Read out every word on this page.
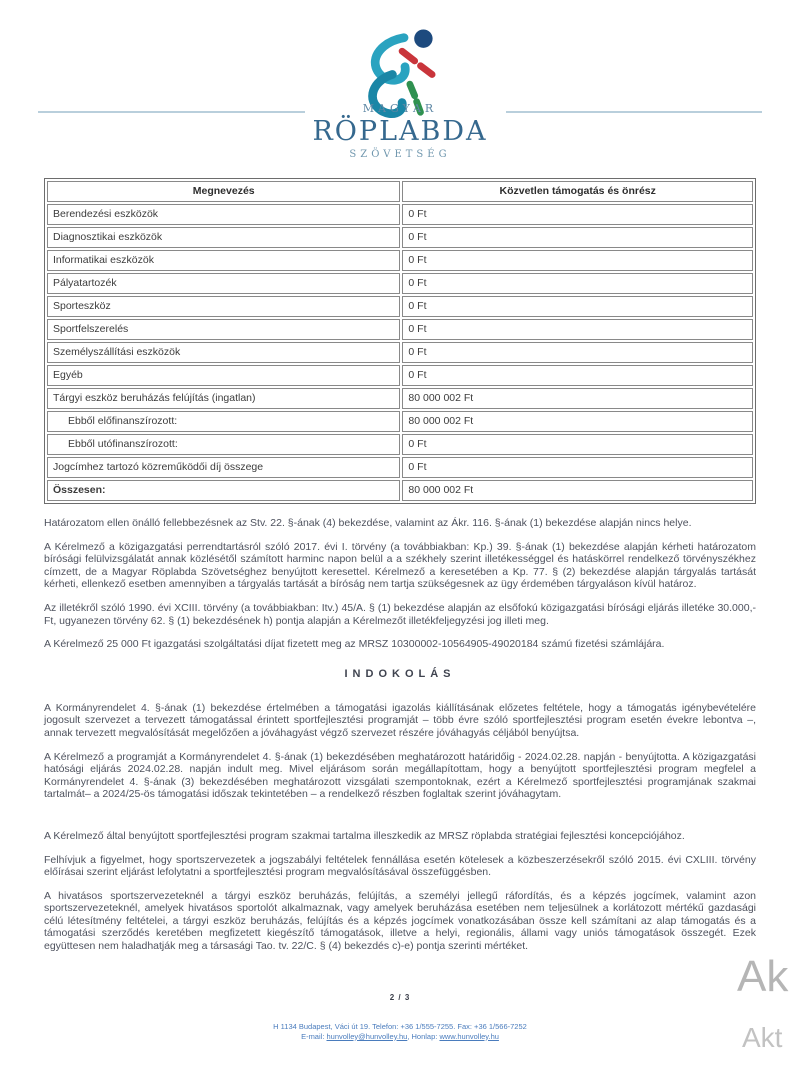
MAGYAR
RÖPLABDA
SZÖVETSÉG
Megnevezés	Közvetlen támogatás és önrész
Berendezési eszközök	0 Ft
Diagnosztikai eszközök	0 Ft
Informatikai eszközök	0 Ft
Pályatartozék	0 Ft
Sporteszköz	0 Ft
Sportfelszerelés	0 Ft
Személyszállítási eszközök	0 Ft
Egyéb	0 Ft
Tárgyi eszköz beruházás felújítás (ingatlan)	80 000 002 Ft
Ebből előfinanszírozott:	80 000 002 Ft
Ebből utófinanszírozott:	0 Ft
Jogcímhez tartozó közreműködői díj összege	0 Ft
Összesen:	80 000 002 Ft

Határozatom ellen önálló fellebbezésnek az Stv. 22. §-ának (4) bekezdése, valamint az Ákr. 116. §-ának (1) bekezdése alapján nincs helye.

A Kérelmező a közigazgatási perrendtartásról szóló 2017. évi I. törvény (a továbbiakban: Kp.) 39. §-ának (1) bekezdése alapján kérheti határozatom bírósági felülvizsgálatát annak közlésétől számított harminc napon belül a a székhely szerint illetékességgel és hatáskörrel rendelkező törvényszékhez címzett, de a Magyar Röplabda Szövetséghez benyújtott keresettel. Kérelmező a keresetében a Kp. 77. § (2) bekezdése alapján tárgyalás tartását kérheti, ellenkező esetben amennyiben a tárgyalás tartását a bíróság nem tartja szükségesnek az ügy érdemében tárgyaláson kívül határoz.

Az illetékről szóló 1990. évi XCIII. törvény (a továbbiakban: Itv.) 45/A. § (1) bekezdése alapján az elsőfokú közigazgatási bírósági eljárás illetéke 30.000,- Ft, ugyanezen törvény 62. § (1) bekezdésének h) pontja alapján a Kérelmezőt illetékfeljegyzési jog illeti meg.

A Kérelmező 25 000 Ft igazgatási szolgáltatási díjat fizetett meg az MRSZ 10300002-10564905-49020184 számú fizetési számlájára.

INDOKOLÁS

A Kormányrendelet 4. §-ának (1) bekezdése értelmében a támogatási igazolás kiállításának előzetes feltétele, hogy a támogatás igénybevételére jogosult szervezet a tervezett támogatással érintett sportfejlesztési programját – több évre szóló sportfejlesztési program esetén évekre lebontva –, annak tervezett megvalósítását megelőzően a jóváhagyást végző szervezet részére jóváhagyás céljából benyújtsa.

A Kérelmező a programját a Kormányrendelet 4. §-ának (1) bekezdésében meghatározott határidőig - 2024.02.28. napján - benyújtotta. A közigazgatási hatósági eljárás 2024.02.28. napján indult meg. Mivel eljárásom során megállapítottam, hogy a benyújtott sportfejlesztési program megfelel a Kormányrendelet 4. §-ának (3) bekezdésében meghatározott vizsgálati szempontoknak, ezért a Kérelmező sportfejlesztési programjának szakmai tartalmát– a 2024/25-ös támogatási időszak tekintetében – a rendelkező részben foglaltak szerint jóváhagytam.

A Kérelmező által benyújtott sportfejlesztési program szakmai tartalma illeszkedik az MRSZ röplabda stratégiai fejlesztési koncepciójához.

Felhívjuk a figyelmet, hogy sportszervezetek a jogszabályi feltételek fennállása esetén kötelesek a közbeszerzésekről szóló 2015. évi CXLIII. törvény előírásai szerint eljárást lefolytatni a sportfejlesztési program megvalósításával összefüggésben.

A hivatásos sportszervezeteknél a tárgyi eszköz beruházás, felújítás, a személyi jellegű ráfordítás, és a képzés jogcímek, valamint azon sportszervezeteknél, amelyek hivatásos sportolót alkalmaznak, vagy amelyek beruházása esetében nem teljesülnek a korlátozott mértékű gazdasági célú létesítmény feltételei, a tárgyi eszköz beruházás, felújítás és a képzés jogcímek vonatkozásában össze kell számítani az alap támogatás és a támogatási szerződés keretében megfizetett kiegészítő támogatások, illetve a helyi, regionális, állami vagy uniós támogatások összegét. Ezek együttesen nem haladhatják meg a társasági Tao. tv. 22/C. § (4) bekezdés c)-e) pontja szerinti mértéket.

2 / 3
H 1134 Budapest, Váci út 19. Telefon: +36 1/555-7255. Fax: +36 1/566-7252
E-mail: hunvolley@hunvolley.hu, Honlap: www.hunvolley.hu
Ak
Akt
